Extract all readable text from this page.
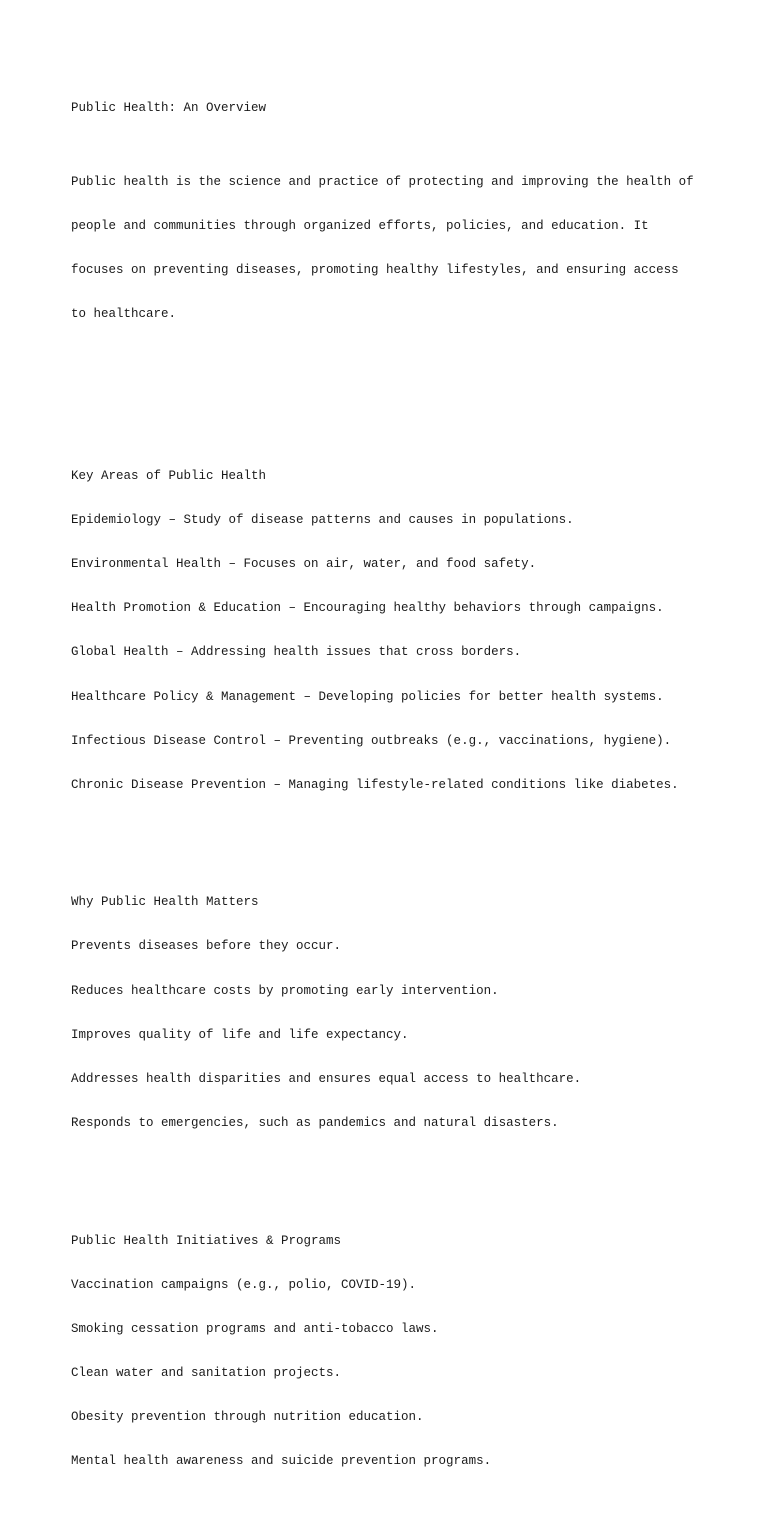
Public Health: An Overview

Public health is the science and practice of protecting and improving the health of

people and communities through organized efforts, policies, and education. It

focuses on preventing diseases, promoting healthy lifestyles, and ensuring access

to healthcare.

Key Areas of Public Health

Epidemiology – Study of disease patterns and causes in populations.

Environmental Health – Focuses on air, water, and food safety.

Health Promotion & Education – Encouraging healthy behaviors through campaigns.

Global Health – Addressing health issues that cross borders.

Healthcare Policy & Management – Developing policies for better health systems.

Infectious Disease Control – Preventing outbreaks (e.g., vaccinations, hygiene).

Chronic Disease Prevention – Managing lifestyle-related conditions like diabetes.

Why Public Health Matters

Prevents diseases before they occur.

Reduces healthcare costs by promoting early intervention.

Improves quality of life and life expectancy.

Addresses health disparities and ensures equal access to healthcare.

Responds to emergencies, such as pandemics and natural disasters.

Public Health Initiatives & Programs

Vaccination campaigns (e.g., polio, COVID-19).

Smoking cessation programs and anti-tobacco laws.

Clean water and sanitation projects.

Obesity prevention through nutrition education.

Mental health awareness and suicide prevention programs.
